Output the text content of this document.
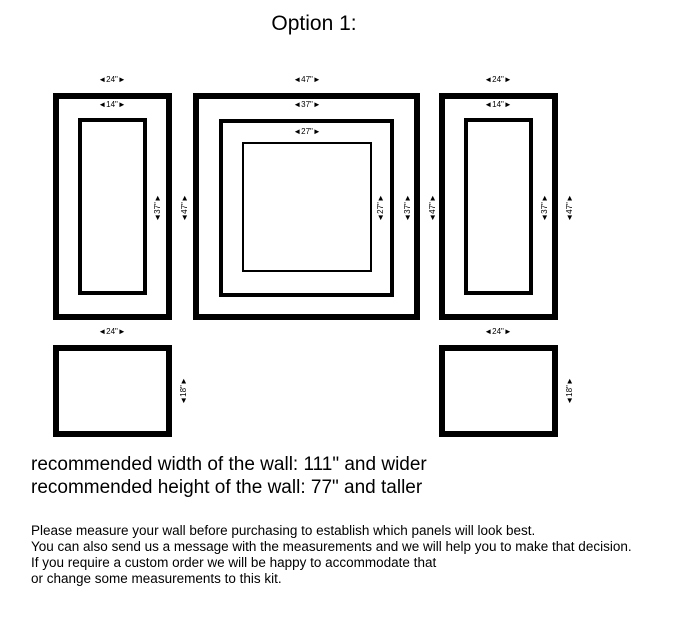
Option 1:
◄24"►	◄47"►	◄24"►
◄14"►
◄37"► ◄47"►
◄37"►
◄27"►
◄27"► ◄37"► ◄47"►
◄14"►
◄37"► ◄47"►
◄24"►
◄18"►
◄24"►
◄18"►
recommended width of the wall: 111" and wider
recommended height of the wall: 77" and taller
Please measure your wall before purchasing to establish which panels will look best.
You can also send us a message with the measurements and we will help you to make that decision.
If you require a custom order we will be happy to accommodate that
or change some measurements to this kit.
